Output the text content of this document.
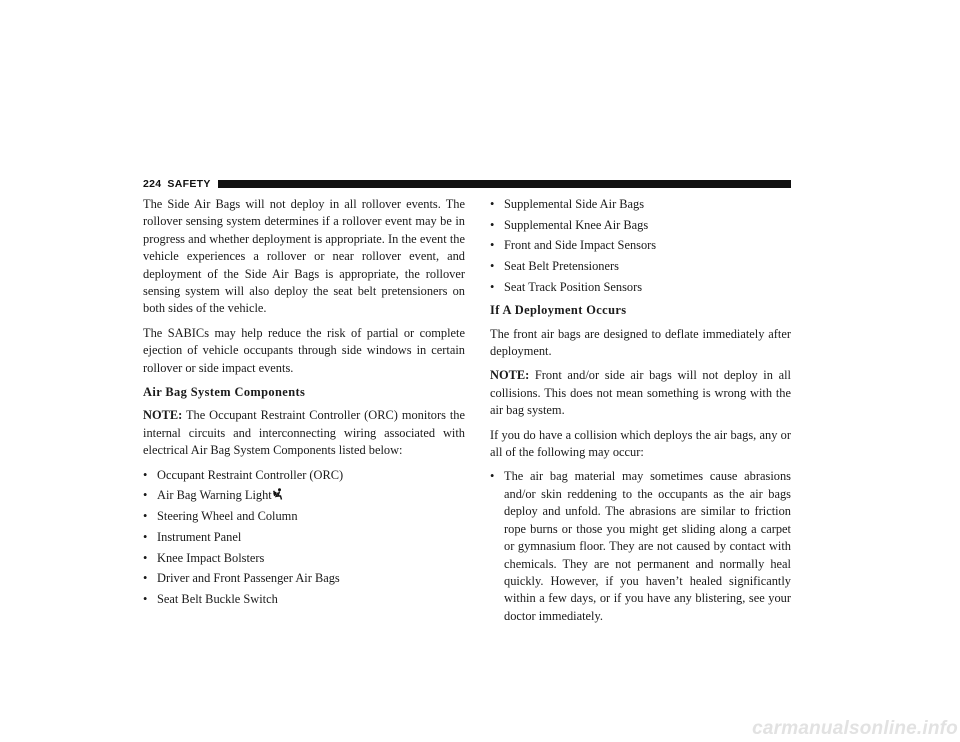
224 SAFETY

The Side Air Bags will not deploy in all rollover events. The rollover sensing system determines if a rollover event may be in progress and whether deployment is appropriate. In the event the vehicle experiences a rollover or near rollover event, and deployment of the Side Air Bags is appropriate, the rollover sensing system will also deploy the seat belt pretensioners on both sides of the vehicle.

The SABICs may help reduce the risk of partial or complete ejection of vehicle occupants through side windows in certain rollover or side impact events.

Air Bag System Components

NOTE: The Occupant Restraint Controller (ORC) monitors the internal circuits and interconnecting wiring associated with electrical Air Bag System Components listed below:

• Occupant Restraint Controller (ORC)
• Air Bag Warning Light
• Steering Wheel and Column
• Instrument Panel
• Knee Impact Bolsters
• Driver and Front Passenger Air Bags
• Seat Belt Buckle Switch
• Supplemental Side Air Bags
• Supplemental Knee Air Bags
• Front and Side Impact Sensors
• Seat Belt Pretensioners
• Seat Track Position Sensors

If A Deployment Occurs

The front air bags are designed to deflate immediately after deployment.

NOTE: Front and/or side air bags will not deploy in all collisions. This does not mean something is wrong with the air bag system.

If you do have a collision which deploys the air bags, any or all of the following may occur:

• The air bag material may sometimes cause abrasions and/or skin reddening to the occupants as the air bags deploy and unfold. The abrasions are similar to friction rope burns or those you might get sliding along a carpet or gymnasium floor. They are not caused by contact with chemicals. They are not permanent and normally heal quickly. However, if you haven’t healed significantly within a few days, or if you have any blistering, see your doctor immediately.
carmanualsonline.info
